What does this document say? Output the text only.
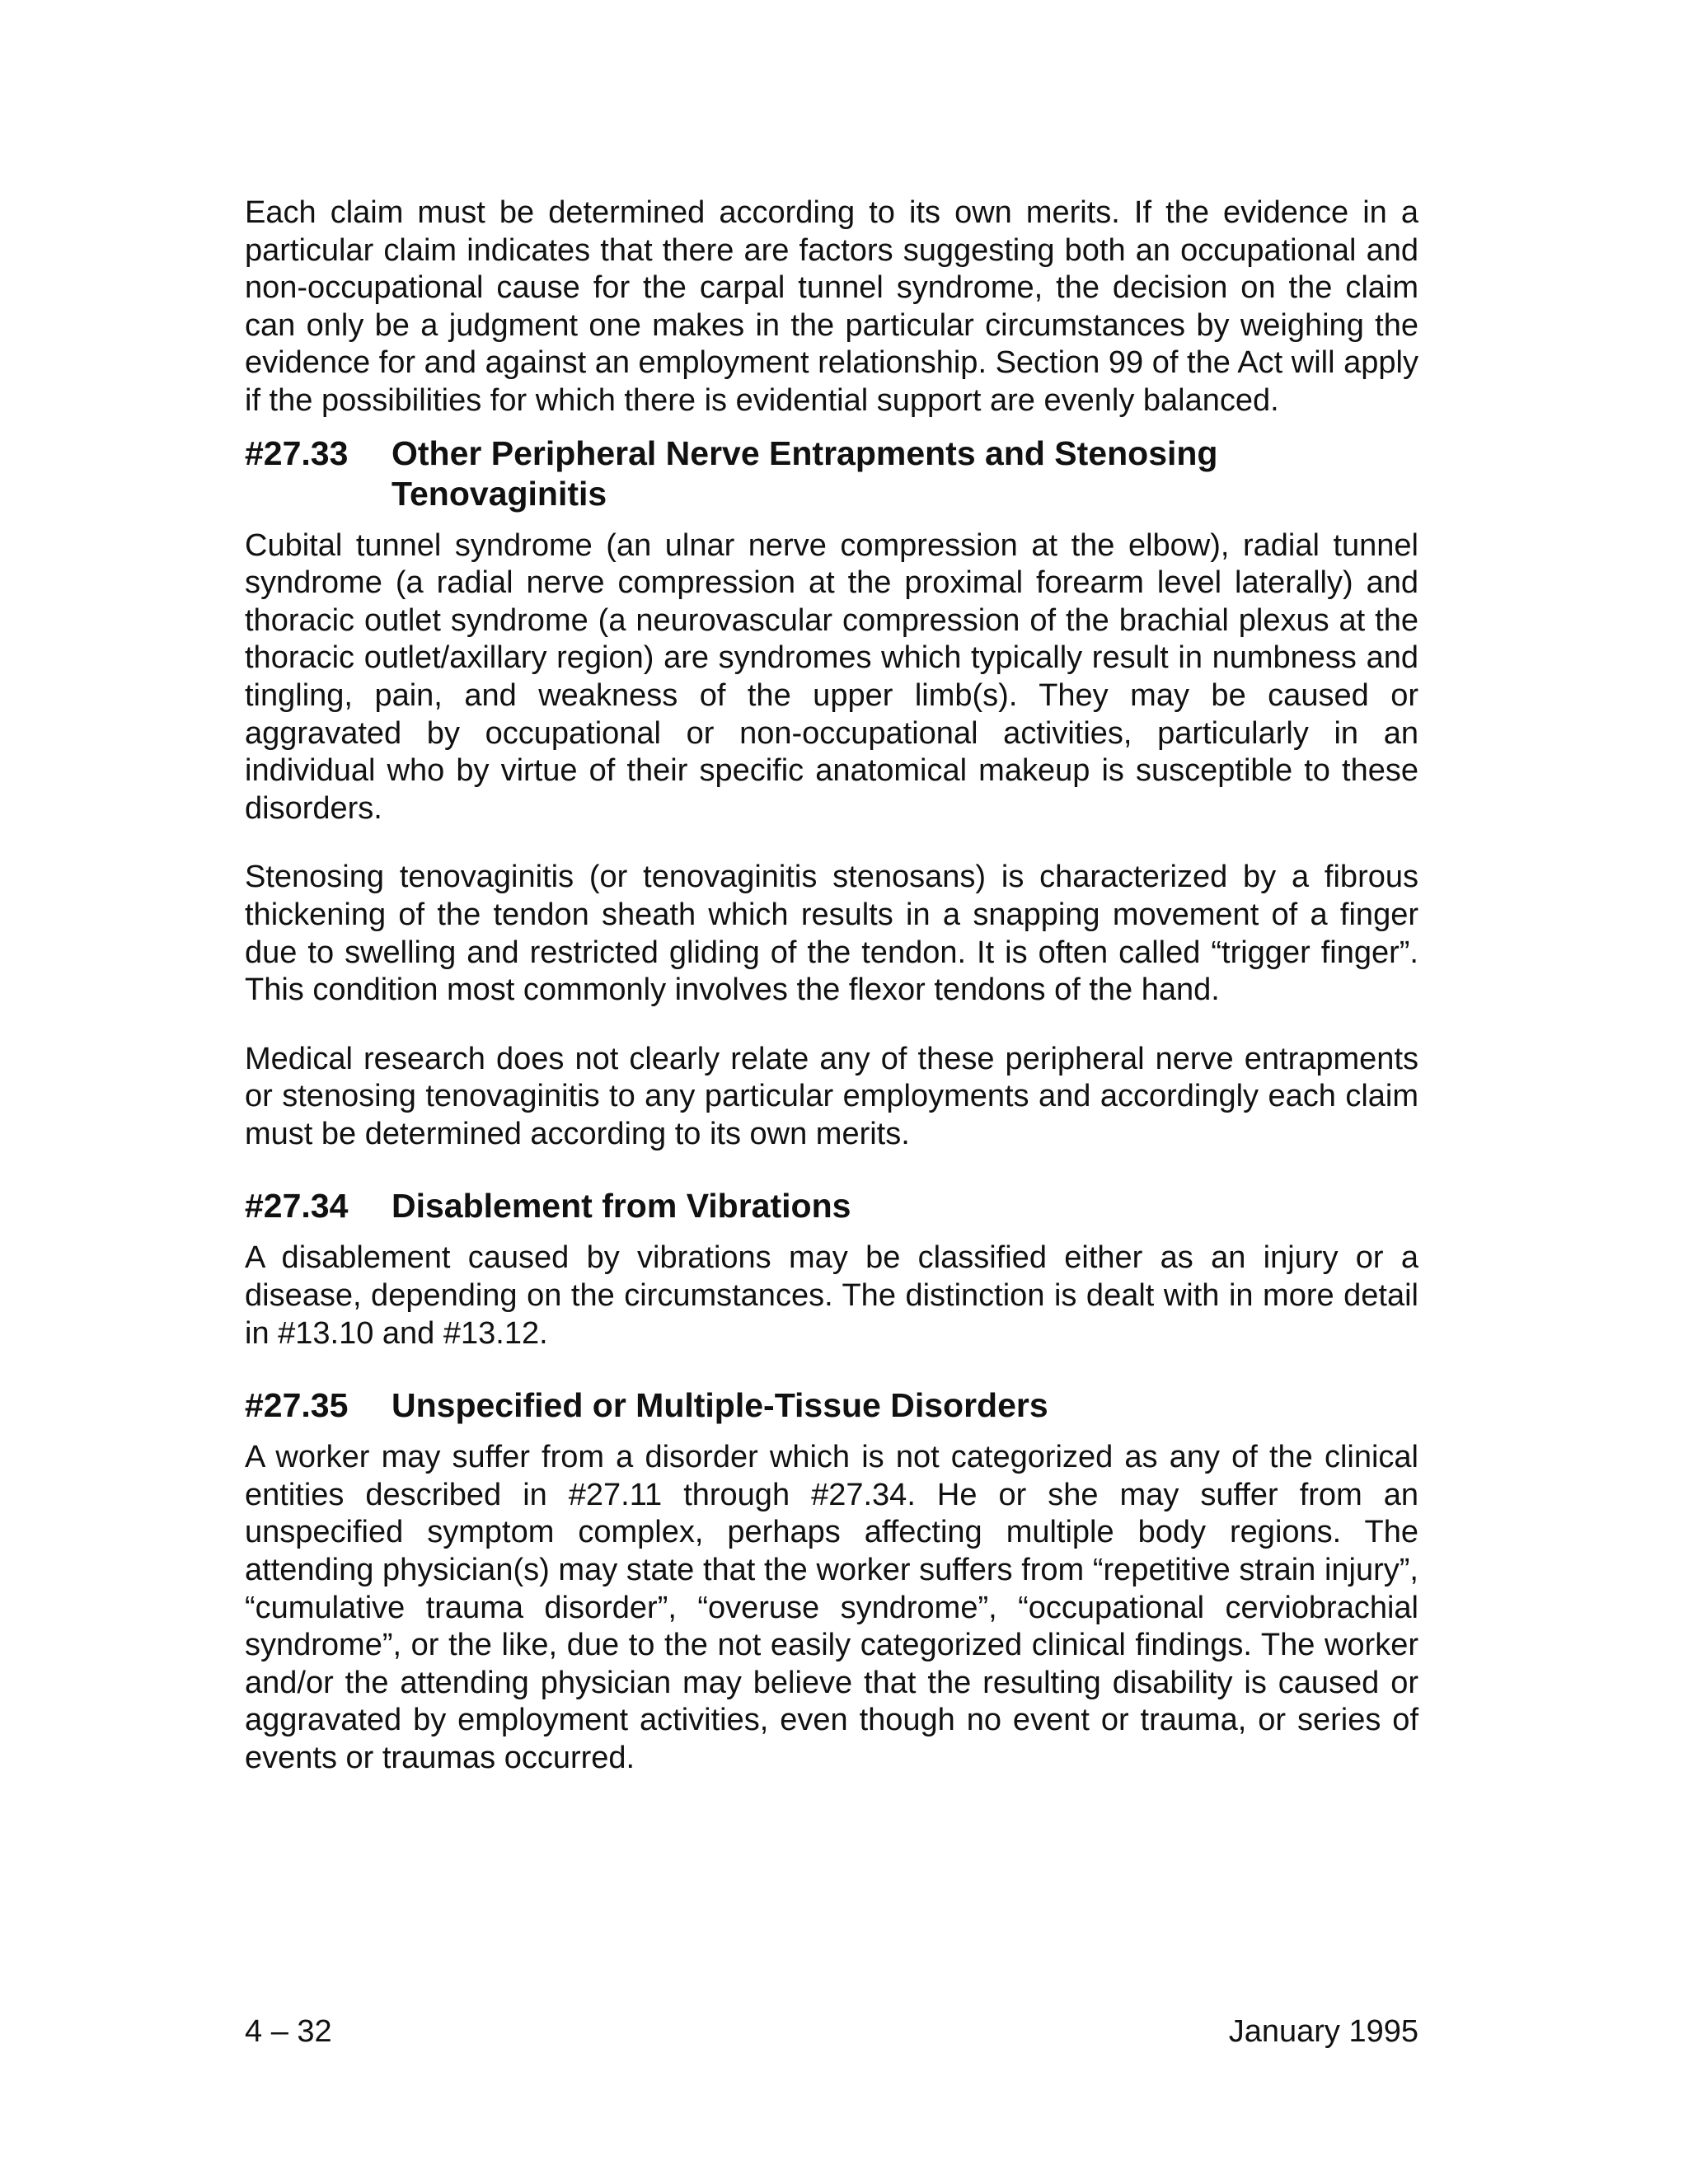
Each claim must be determined according to its own merits. If the evidence in a particular claim indicates that there are factors suggesting both an occupational and non-occupational cause for the carpal tunnel syndrome, the decision on the claim can only be a judgment one makes in the particular circumstances by weighing the evidence for and against an employment relationship. Section 99 of the Act will apply if the possibilities for which there is evidential support are evenly balanced.

#27.33	Other Peripheral Nerve Entrapments and Stenosing Tenovaginitis

Cubital tunnel syndrome (an ulnar nerve compression at the elbow), radial tunnel syndrome (a radial nerve compression at the proximal forearm level laterally) and thoracic outlet syndrome (a neurovascular compression of the brachial plexus at the thoracic outlet/axillary region) are syndromes which typically result in numbness and tingling, pain, and weakness of the upper limb(s). They may be caused or aggravated by occupational or non-occupational activities, particularly in an individual who by virtue of their specific anatomical makeup is susceptible to these disorders.

Stenosing tenovaginitis (or tenovaginitis stenosans) is characterized by a fibrous thickening of the tendon sheath which results in a snapping movement of a finger due to swelling and restricted gliding of the tendon. It is often called “trigger finger”. This condition most commonly involves the flexor tendons of the hand.

Medical research does not clearly relate any of these peripheral nerve entrapments or stenosing tenovaginitis to any particular employments and accordingly each claim must be determined according to its own merits.

#27.34	Disablement from Vibrations

A disablement caused by vibrations may be classified either as an injury or a disease, depending on the circumstances. The distinction is dealt with in more detail in #13.10 and #13.12.

#27.35	Unspecified or Multiple-Tissue Disorders

A worker may suffer from a disorder which is not categorized as any of the clinical entities described in #27.11 through #27.34. He or she may suffer from an unspecified symptom complex, perhaps affecting multiple body regions. The attending physician(s) may state that the worker suffers from “repetitive strain injury”, “cumulative trauma disorder”, “overuse syndrome”, “occupational cerviobrachial syndrome”, or the like, due to the not easily categorized clinical findings. The worker and/or the attending physician may believe that the resulting disability is caused or aggravated by employment activities, even though no event or trauma, or series of events or traumas occurred.

4 – 32	January 1995
